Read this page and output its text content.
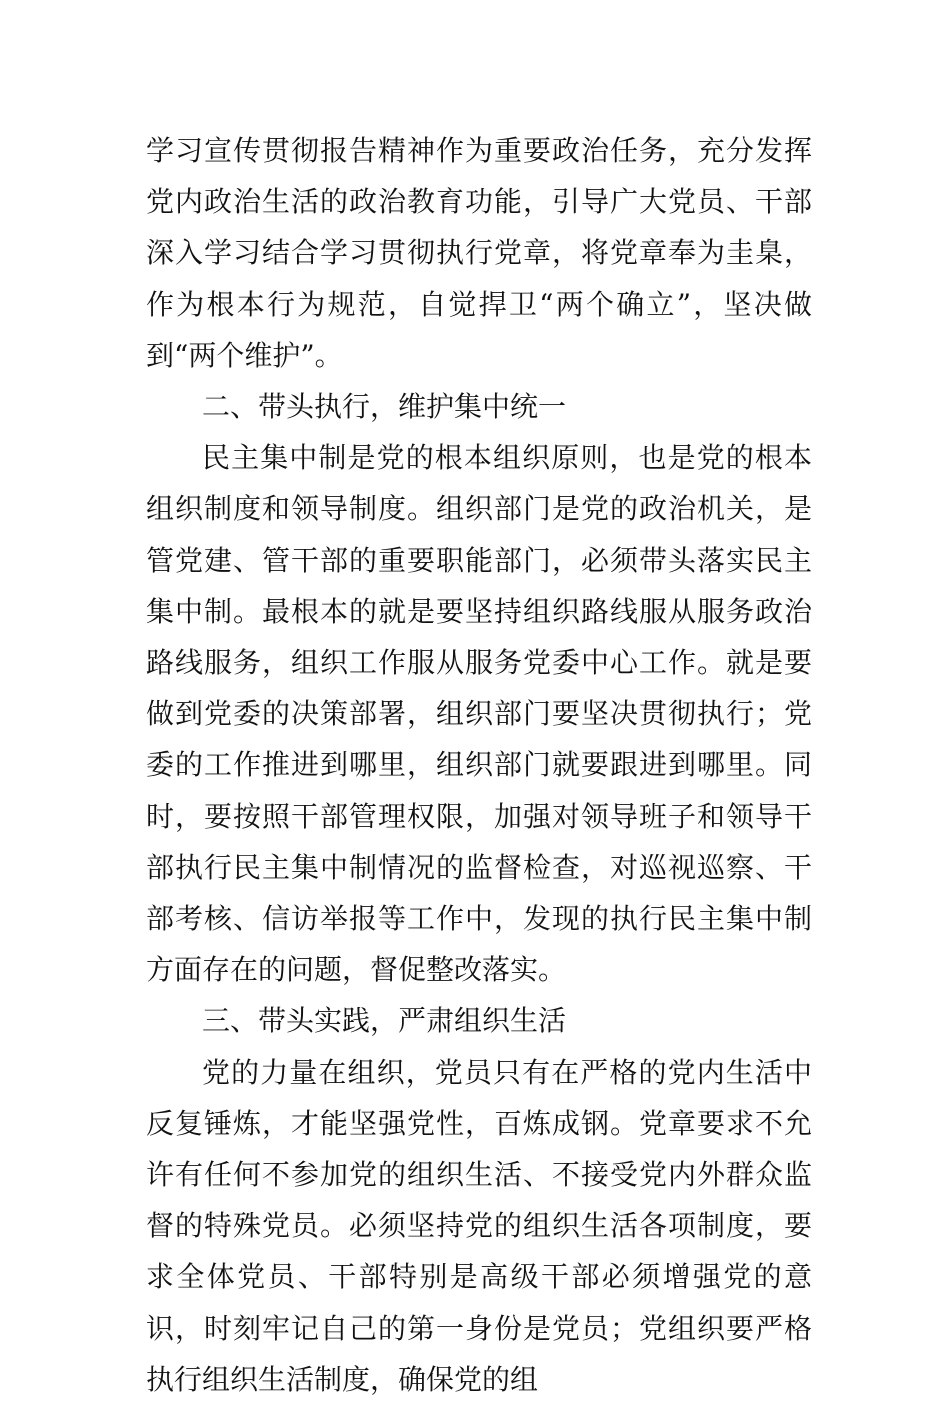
学习宣传贯彻报告精神作为重要政治任务，充分发挥党内政治生活的政治教育功能，引导广大党员、干部深入学习结合学习贯彻执行党章，将党章奉为圭臬，作为根本行为规范，自觉捍卫“两个确立”，坚决做到“两个维护”。

二、带头执行，维护集中统一

民主集中制是党的根本组织原则，也是党的根本组织制度和领导制度。组织部门是党的政治机关，是管党建、管干部的重要职能部门，必须带头落实民主集中制。最根本的就是要坚持组织路线服从服务政治路线服务，组织工作服从服务党委中心工作。就是要做到党委的决策部署，组织部门要坚决贯彻执行；党委的工作推进到哪里，组织部门就要跟进到哪里。同时，要按照干部管理权限，加强对领导班子和领导干部执行民主集中制情况的监督检查，对巡视巡察、干部考核、信访举报等工作中，发现的执行民主集中制方面存在的问题，督促整改落实。

三、带头实践，严肃组织生活

党的力量在组织，党员只有在严格的党内生活中反复锤炼，才能坚强党性，百炼成钢。党章要求不允许有任何不参加党的组织生活、不接受党内外群众监督的特殊党员。必须坚持党的组织生活各项制度，要求全体党员、干部特别是高级干部必须增强党的意识，时刻牢记自己的第一身份是党员；党组织要严格执行组织生活制度，确保党的组
